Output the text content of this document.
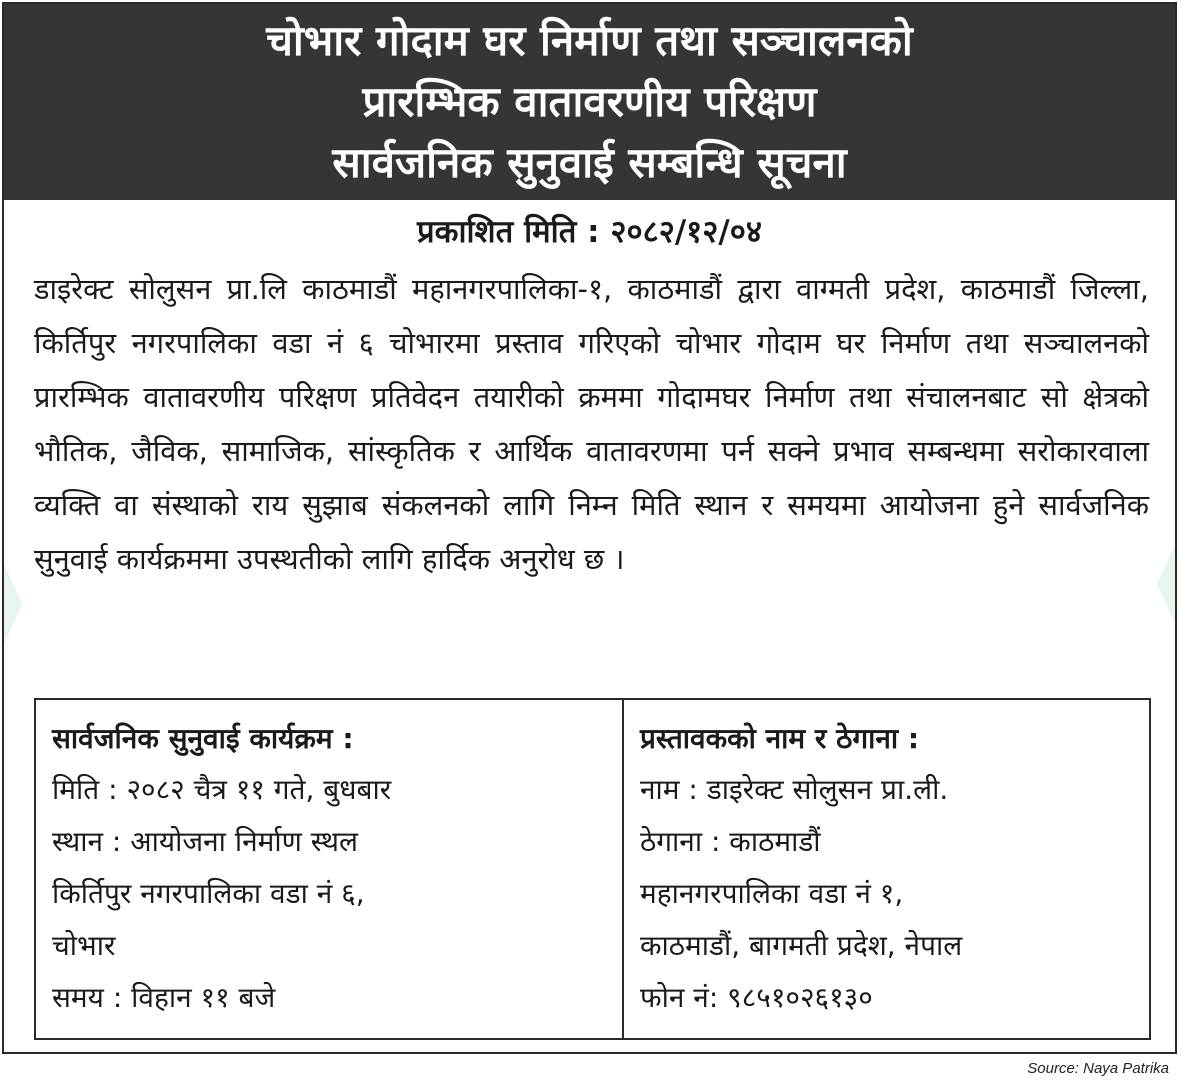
चोभार गोदाम घर निर्माण तथा सञ्चालनको
प्रारम्भिक वातावरणीय परिक्षण
सार्वजनिक सुनुवाई सम्बन्धि सूचना
प्रकाशित मिति : २०८२/१२/०४
डाइरेक्ट सोलुसन प्रा.लि काठमाडौं महानगरपालिका-१, काठमाडौं द्वारा वाग्मती प्रदेश, काठमाडौं जिल्ला, किर्तिपुर नगरपालिका वडा नं ६ चोभारमा प्रस्ताव गरिएको चोभार गोदाम घर निर्माण तथा सञ्चालनको प्रारम्भिक वातावरणीय परिक्षण प्रतिवेदन तयारीको क्रममा गोदामघर निर्माण तथा संचालनबाट सो क्षेत्रको भौतिक, जैविक, सामाजिक, सांस्कृतिक र आर्थिक वातावरणमा पर्न सक्ने प्रभाव सम्बन्धमा सरोकारवाला व्यक्ति वा संस्थाको राय सुझाब संकलनको लागि निम्न मिति स्थान र समयमा आयोजना हुने सार्वजनिक सुनुवाई कार्यक्रममा उपस्थतीको लागि हार्दिक अनुरोध छ ।
सार्वजनिक सुनुवाई कार्यक्रम :
मिति : २०८२ चैत्र ११ गते, बुधबार
स्थान : आयोजना निर्माण स्थल
किर्तिपुर नगरपालिका वडा नं ६,
चोभार
समय : विहान ११ बजे
प्रस्तावकको नाम र ठेगाना :
नाम : डाइरेक्ट सोलुसन प्रा.ली.
ठेगाना : काठमाडौं
महानगरपालिका वडा नं १,
काठमाडौं, बागमती प्रदेश, नेपाल
फोन नं: ९८५१०२६१३०
Source: Naya Patrika
